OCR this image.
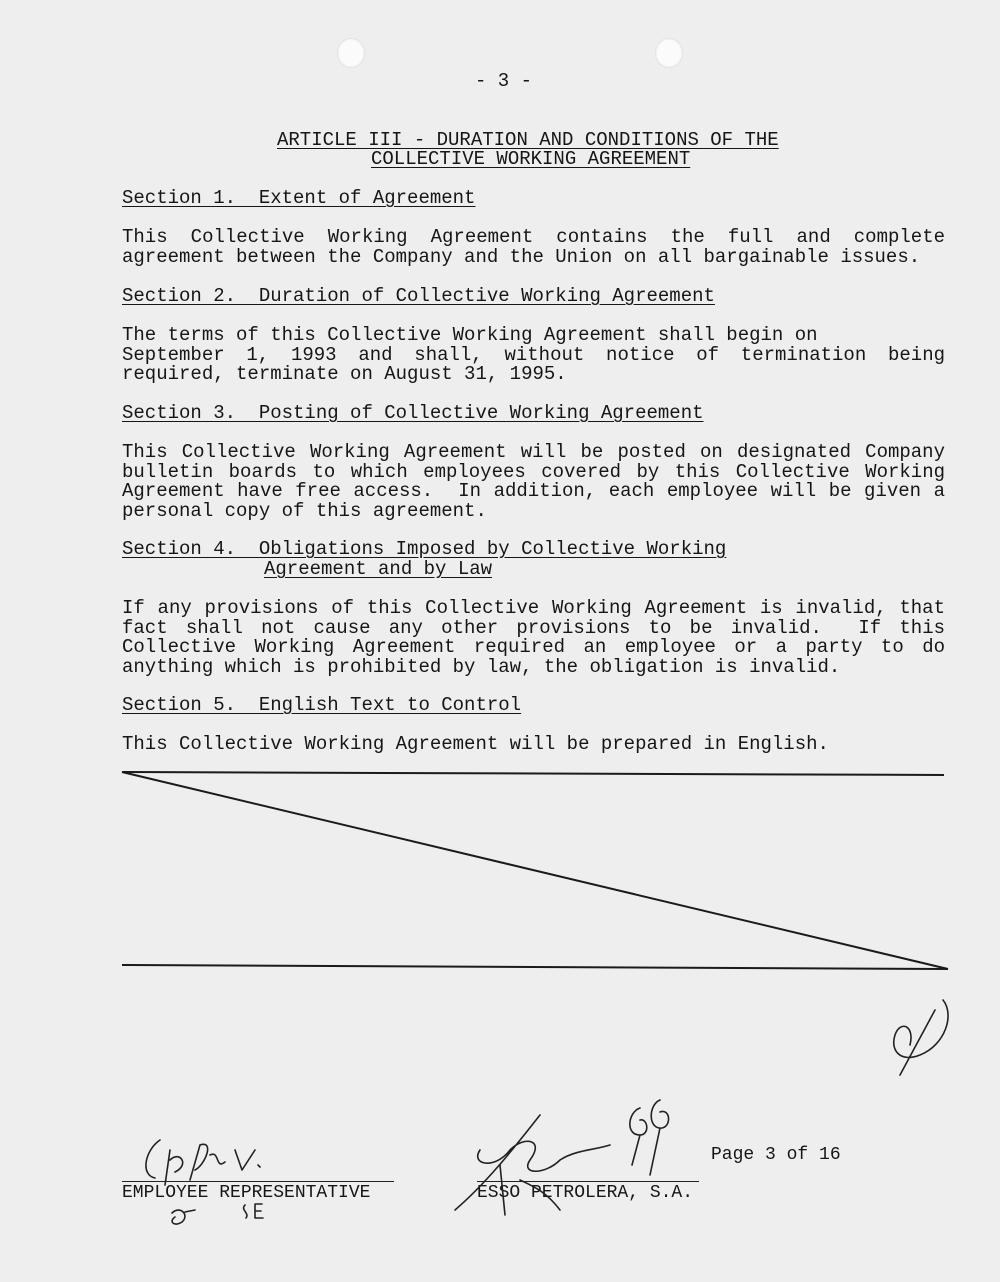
- 3 -
ARTICLE III - DURATION AND CONDITIONS OF THE
COLLECTIVE WORKING AGREEMENT
Section 1.  Extent of Agreement
This Collective Working Agreement contains the full and complete
agreement between the Company and the Union on all bargainable issues.
Section 2.  Duration of Collective Working Agreement
The terms of this Collective Working Agreement shall begin on
September 1, 1993 and shall, without notice of termination being
required, terminate on August 31, 1995.
Section 3.  Posting of Collective Working Agreement
This Collective Working Agreement will be posted on designated Company
bulletin boards to which employees covered by this Collective Working
Agreement have free access.  In addition, each employee will be given a
personal copy of this agreement.
Section 4.  Obligations Imposed by Collective Working
Agreement and by Law
If any provisions of this Collective Working Agreement is invalid, that
fact shall not cause any other provisions to be invalid.  If this
Collective Working Agreement required an employee or a party to do
anything which is prohibited by law, the obligation is invalid.
Section 5.  English Text to Control
This Collective Working Agreement will be prepared in English.
Page 3 of 16
EMPLOYEE REPRESENTATIVE	ESSO PETROLERA, S.A.
